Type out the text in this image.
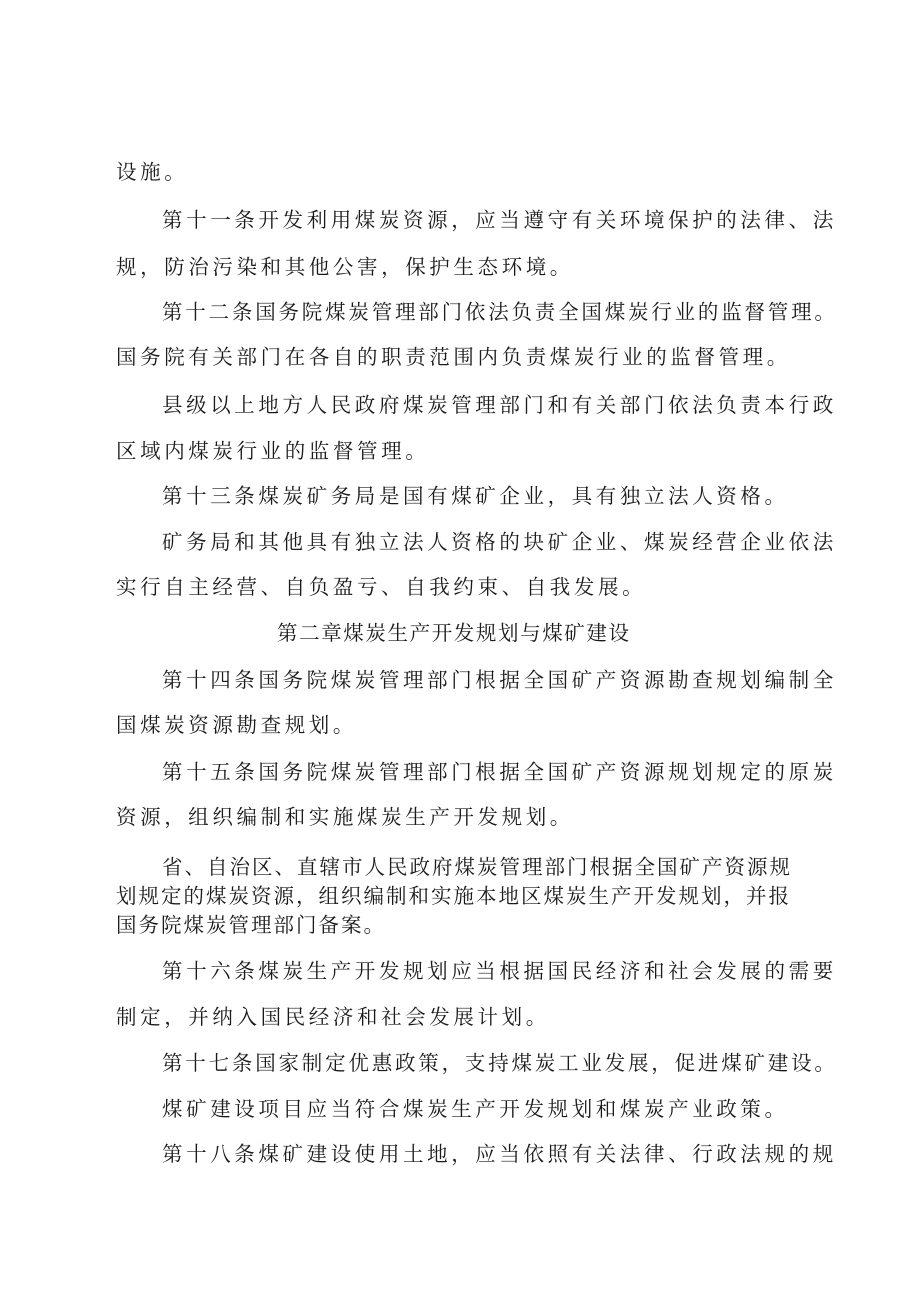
设施。
第十一条开发利用煤炭资源，应当遵守有关环境保护的法律、法
规，防治污染和其他公害，保护生态环境。
第十二条国务院煤炭管理部门依法负责全国煤炭行业的监督管理。
国务院有关部门在各自的职责范围内负责煤炭行业的监督管理。
县级以上地方人民政府煤炭管理部门和有关部门依法负责本行政
区域内煤炭行业的监督管理。
第十三条煤炭矿务局是国有煤矿企业，具有独立法人资格。
矿务局和其他具有独立法人资格的块矿企业、煤炭经营企业依法
实行自主经营、自负盈亏、自我约束、自我发展。
第二章煤炭生产开发规划与煤矿建设
第十四条国务院煤炭管理部门根据全国矿产资源勘查规划编制全
国煤炭资源勘查规划。
第十五条国务院煤炭管理部门根据全国矿产资源规划规定的原炭
资源，组织编制和实施煤炭生产开发规划。
省、自治区、直辖市人民政府煤炭管理部门根据全国矿产资源规
划规定的煤炭资源，组织编制和实施本地区煤炭生产开发规划，并报
国务院煤炭管理部门备案。
第十六条煤炭生产开发规划应当根据国民经济和社会发展的需要
制定，并纳入国民经济和社会发展计划。
第十七条国家制定优惠政策，支持煤炭工业发展，促进煤矿建设。
煤矿建设项目应当符合煤炭生产开发规划和煤炭产业政策。
第十八条煤矿建设使用土地，应当依照有关法律、行政法规的规
